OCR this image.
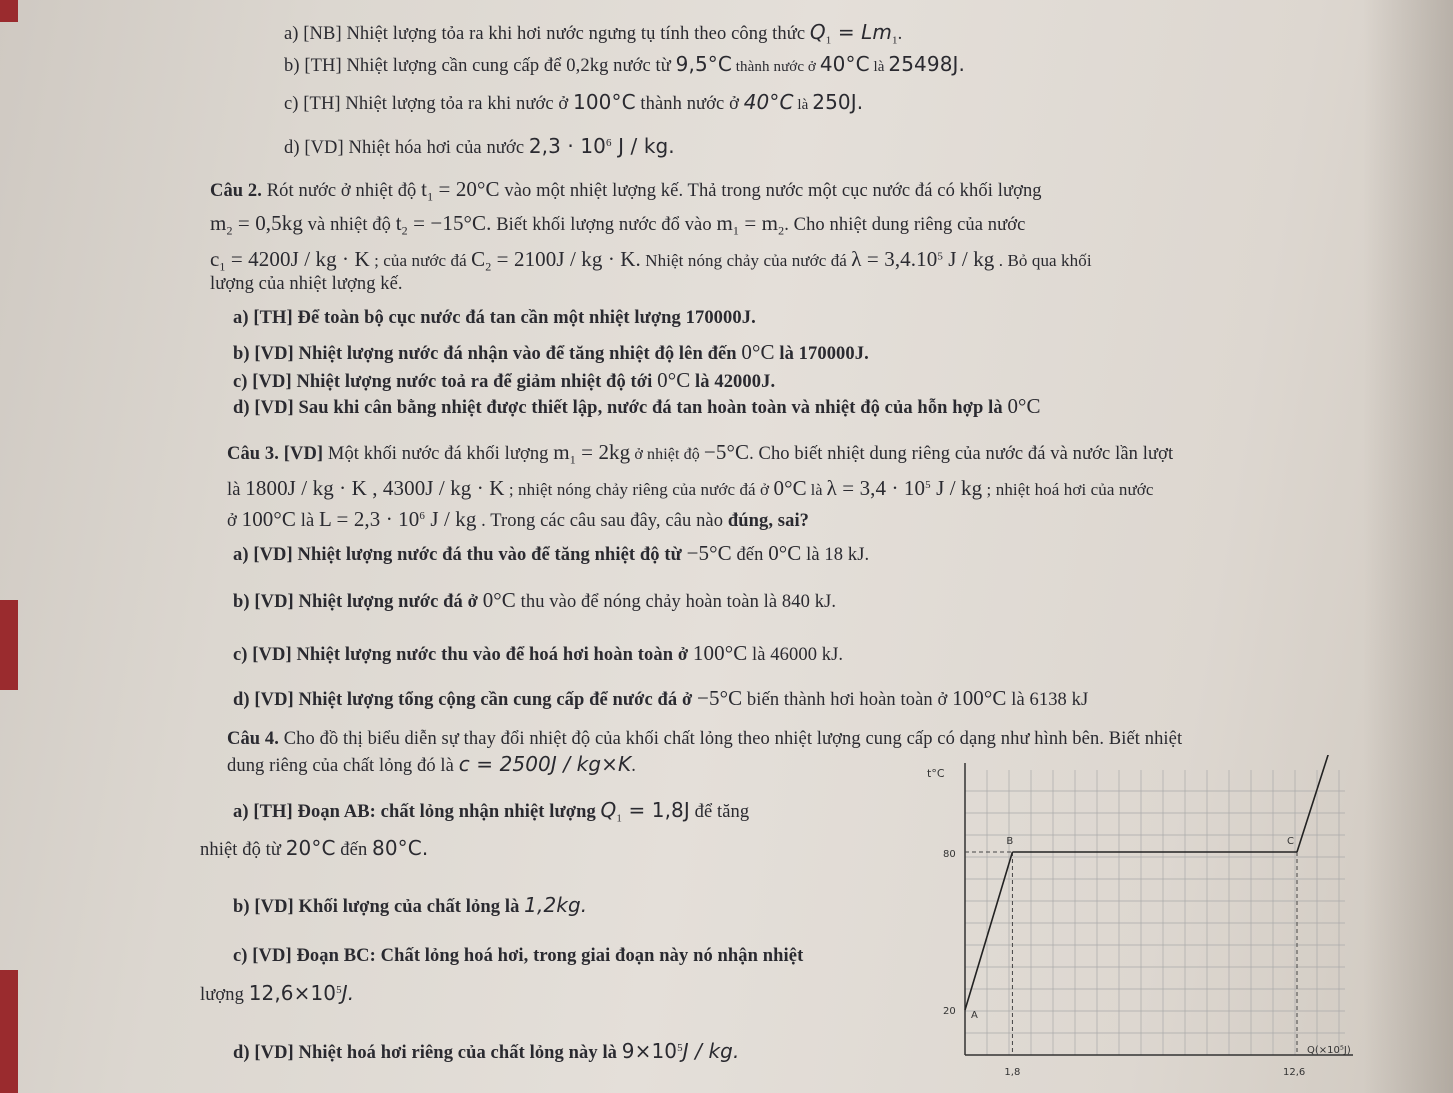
a) [NB] Nhiệt lượng tỏa ra khi hơi nước ngưng tụ tính theo công thức $Q_1 = Lm_1$.
b) [TH] Nhiệt lượng cần cung cấp để 0,2kg nước từ 9,5°C thành nước ở 40°C là 25498J.
c) [TH] Nhiệt lượng tỏa ra khi nước ở 100°C thành nước ở 40°C là 250J.
d) [VD] Nhiệt hóa hơi của nước $2,3 \cdot 10^6$ J / kg.
Câu 2. Rót nước ở nhiệt độ $t_1 = 20^\circ C$ vào một nhiệt lượng kế. Thả trong nước một cục nước đá có khối lượng
$m_2 = 0,5kg$ và nhiệt độ $t_2 = -15^\circ C$. Biết khối lượng nước đổ vào $m_1 = m_2$. Cho nhiệt dung riêng của nước
$c_1 = 4200J$ / kg · K ; của nước đá $C_2 = 2100J$ / kg · K. Nhiệt nóng chảy của nước đá $\lambda = 3,4.10^5$ J / kg . Bỏ qua khối
lượng của nhiệt lượng kế.
a) [TH] Để toàn bộ cục nước đá tan cần một nhiệt lượng 170000J.
b) [VD] Nhiệt lượng nước đá nhận vào để tăng nhiệt độ lên đến 0°C là 170000J.
c) [VD] Nhiệt lượng nước toả ra để giảm nhiệt độ tới 0°C là 42000J.
d) [VD] Sau khi cân bằng nhiệt được thiết lập, nước đá tan hoàn toàn và nhiệt độ của hỗn hợp là 0°C
Câu 3. [VD] Một khối nước đá khối lượng $m_1 = 2kg$ ở nhiệt độ −5°C. Cho biết nhiệt dung riêng của nước đá và nước lần lượt
là 1800J / kg · K , 4300J / kg · K ; nhiệt nóng chảy riêng của nước đá ở 0°C là $\lambda = 3,4 \cdot 10^5$ J / kg ; nhiệt hoá hơi của nước
ở 100°C là $L = 2,3 \cdot 10^6$ J / kg . Trong các câu sau đây, câu nào đúng, sai?
a) [VD] Nhiệt lượng nước đá thu vào để tăng nhiệt độ từ −5°C đến 0°C là 18 kJ.
b) [VD] Nhiệt lượng nước đá ở 0°C thu vào để nóng chảy hoàn toàn là 840 kJ.
c) [VD] Nhiệt lượng nước thu vào để hoá hơi hoàn toàn ở 100°C là 46000 kJ.
d) [VD] Nhiệt lượng tổng cộng cần cung cấp để nước đá ở −5°C biến thành hơi hoàn toàn ở 100°C là 6138 kJ
Câu 4. Cho đồ thị biểu diễn sự thay đổi nhiệt độ của khối chất lỏng theo nhiệt lượng cung cấp có dạng như hình bên. Biết nhiệt
dung riêng của chất lỏng đó là c = 2500J / kg×K.
a) [TH] Đoạn AB: chất lỏng nhận nhiệt lượng $Q_1 = 1,8J$ để tăng
nhiệt độ từ 20°C đến 80°C.
b) [VD] Khối lượng của chất lỏng là 1,2kg.
c) [VD] Đoạn BC: Chất lỏng hoá hơi, trong giai đoạn này nó nhận nhiệt
lượng $12,6\times 10^5J$.
d) [VD] Nhiệt hoá hơi riêng của chất lỏng này là $9\times 10^5J$ / kg.
t°C
Q(×10⁵J)
80
20
1,8	12,6
A
B	C
